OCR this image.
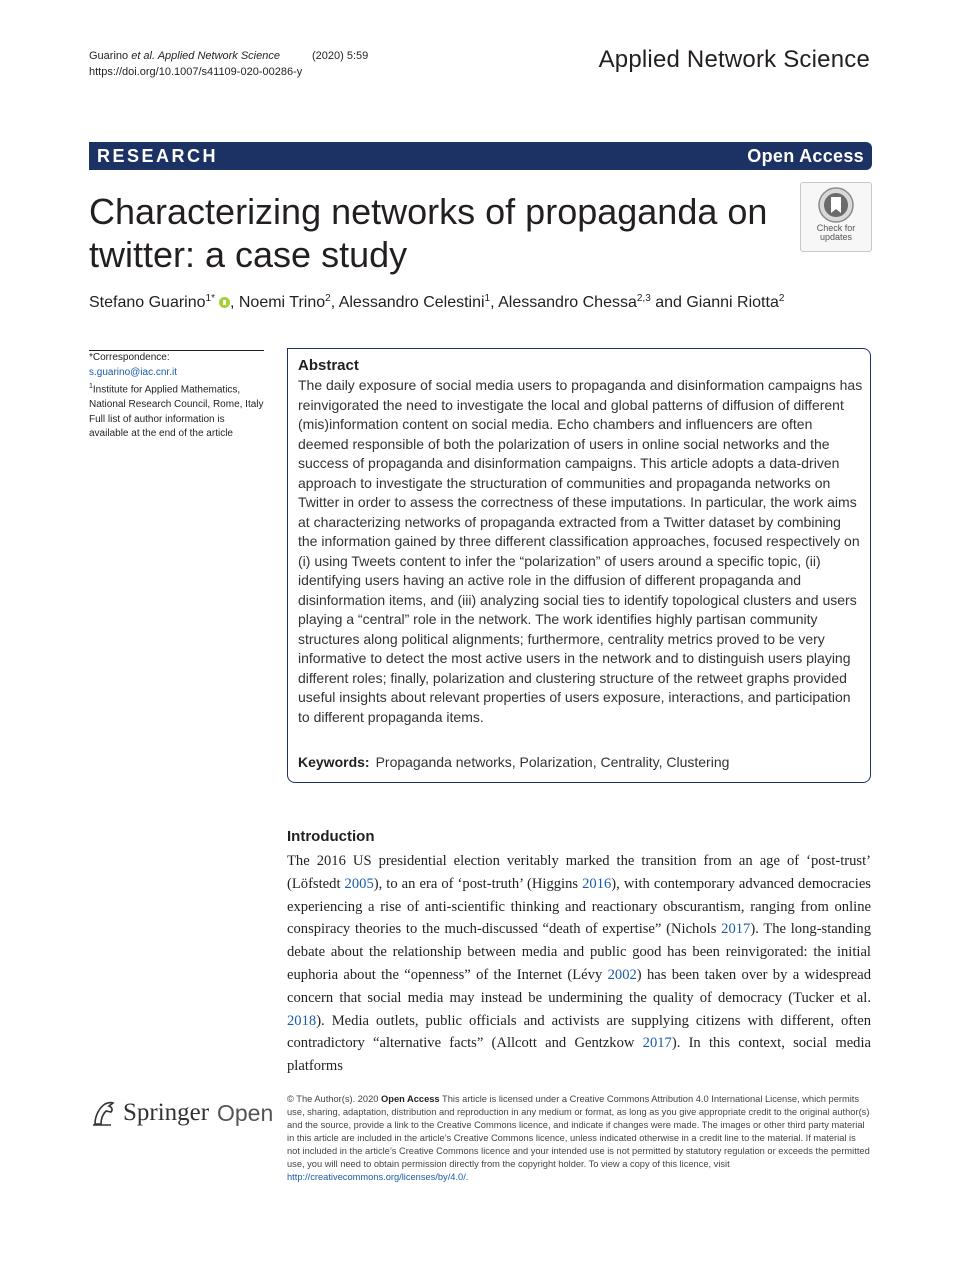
Guarino et al. Applied Network Science	(2020) 5:59
https://doi.org/10.1007/s41109-020-00286-y	Applied Network Science
RESEARCH	Open Access
Characterizing networks of propaganda on twitter: a case study
Check for
updates
Stefano Guarino$^{1*}$ , Noemi Trino$^2$, Alessandro Celestini$^1$, Alessandro Chessa$^{2,3}$ and Gianni Riotta$^2$
*Correspondence:
s.guarino@iac.cnr.it
$^1$Institute for Applied Mathematics, National Research Council, Rome, Italy
Full list of author information is available at the end of the article
Abstract
The daily exposure of social media users to propaganda and disinformation campaigns has reinvigorated the need to investigate the local and global patterns of diffusion of different (mis)information content on social media. Echo chambers and influencers are often deemed responsible of both the polarization of users in online social networks and the success of propaganda and disinformation campaigns. This article adopts a data-driven approach to investigate the structuration of communities and propaganda networks on Twitter in order to assess the correctness of these imputations. In particular, the work aims at characterizing networks of propaganda extracted from a Twitter dataset by combining the information gained by three different classification approaches, focused respectively on (i) using Tweets content to infer the “polarization” of users around a specific topic, (ii) identifying users having an active role in the diffusion of different propaganda and disinformation items, and (iii) analyzing social ties to identify topological clusters and users playing a “central” role in the network. The work identifies highly partisan community structures along political alignments; furthermore, centrality metrics proved to be very informative to detect the most active users in the network and to distinguish users playing different roles; finally, polarization and clustering structure of the retweet graphs provided useful insights about relevant properties of users exposure, interactions, and participation to different propaganda items.
Keywords: Propaganda networks, Polarization, Centrality, Clustering
Introduction
The 2016 US presidential election veritably marked the transition from an age of ‘post-trust’ (Löfstedt 2005), to an era of ‘post-truth’ (Higgins 2016), with contemporary advanced democracies experiencing a rise of anti-scientific thinking and reactionary obscurantism, ranging from online conspiracy theories to the much-discussed “death of expertise” (Nichols 2017). The long-standing debate about the relationship between media and public good has been reinvigorated: the initial euphoria about the “openness” of the Internet (Lévy 2002) has been taken over by a widespread concern that social media may instead be undermining the quality of democracy (Tucker et al. 2018). Media outlets, public officials and activists are supplying citizens with different, often contradictory “alternative facts” (Allcott and Gentzkow 2017). In this context, social media platforms
Springer Open
© The Author(s). 2020 Open Access This article is licensed under a Creative Commons Attribution 4.0 International License, which permits use, sharing, adaptation, distribution and reproduction in any medium or format, as long as you give appropriate credit to the original author(s) and the source, provide a link to the Creative Commons licence, and indicate if changes were made. The images or other third party material in this article are included in the article’s Creative Commons licence, unless indicated otherwise in a credit line to the material. If material is not included in the article’s Creative Commons licence and your intended use is not permitted by statutory regulation or exceeds the permitted use, you will need to obtain permission directly from the copyright holder. To view a copy of this licence, visit http://creativecommons.org/licenses/by/4.0/.
